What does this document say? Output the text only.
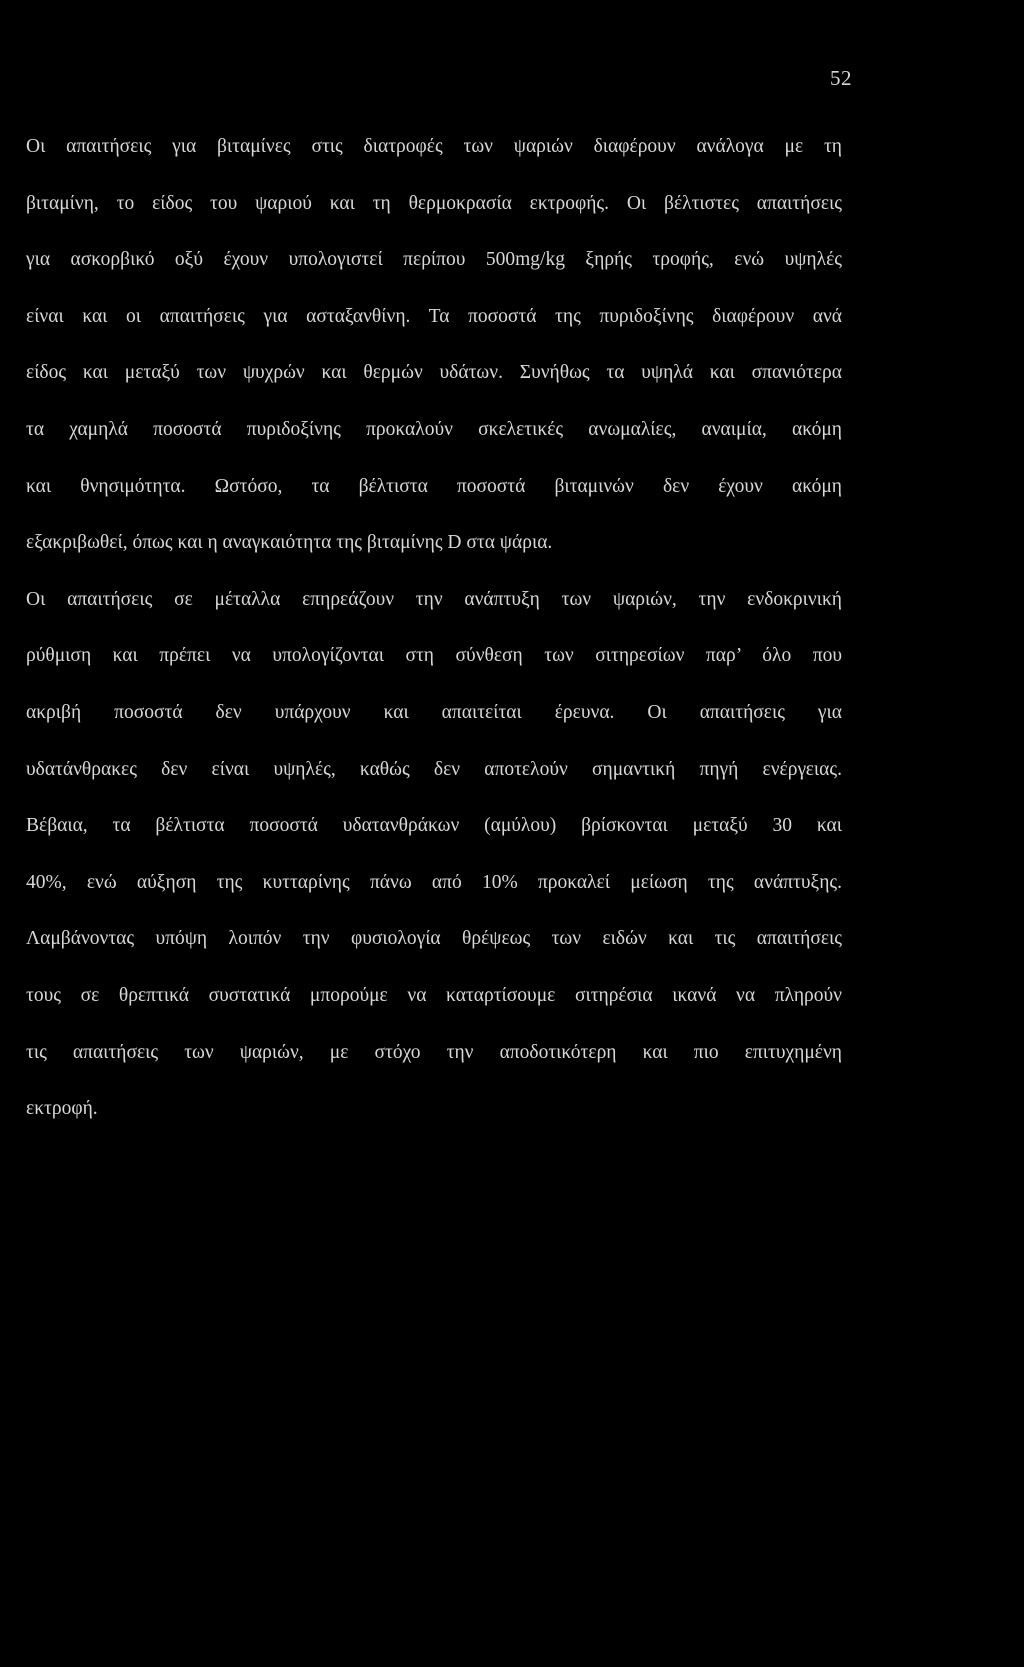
52
Οι απαιτήσεις για βιταμίνες στις διατροφές των ψαριών διαφέρουν ανάλογα με τη
βιταμίνη, το είδος του ψαριού και τη θερμοκρασία εκτροφής. Οι βέλτιστες απαιτήσεις
για ασκορβικό οξύ έχουν υπολογιστεί περίπου 500mg/kg ξηρής τροφής, ενώ υψηλές
είναι και οι απαιτήσεις για ασταξανθίνη. Τα ποσοστά της πυριδοξίνης διαφέρουν ανά
είδος και μεταξύ των ψυχρών και θερμών υδάτων. Συνήθως τα υψηλά και σπανιότερα
τα χαμηλά ποσοστά πυριδοξίνης προκαλούν σκελετικές ανωμαλίες, αναιμία, ακόμη
και θνησιμότητα. Ωστόσο, τα βέλτιστα ποσοστά βιταμινών δεν έχουν ακόμη
εξακριβωθεί, όπως και η αναγκαιότητα της βιταμίνης D στα ψάρια.
Οι απαιτήσεις σε μέταλλα επηρεάζουν την ανάπτυξη των ψαριών, την ενδοκρινική
ρύθμιση και πρέπει να υπολογίζονται στη σύνθεση των σιτηρεσίων παρ’ όλο που
ακριβή ποσοστά δεν υπάρχουν και απαιτείται έρευνα. Οι απαιτήσεις για
υδατάνθρακες δεν είναι υψηλές, καθώς δεν αποτελούν σημαντική πηγή ενέργειας.
Βέβαια, τα βέλτιστα ποσοστά υδατανθράκων (αμύλου) βρίσκονται μεταξύ 30 και
40%, ενώ αύξηση της κυτταρίνης πάνω από 10% προκαλεί μείωση της ανάπτυξης.
Λαμβάνοντας υπόψη λοιπόν την φυσιολογία θρέψεως των ειδών και τις απαιτήσεις
τους σε θρεπτικά συστατικά μπορούμε να καταρτίσουμε σιτηρέσια ικανά να πληρούν
τις απαιτήσεις των ψαριών, με στόχο την αποδοτικότερη και πιο επιτυχημένη
εκτροφή.
